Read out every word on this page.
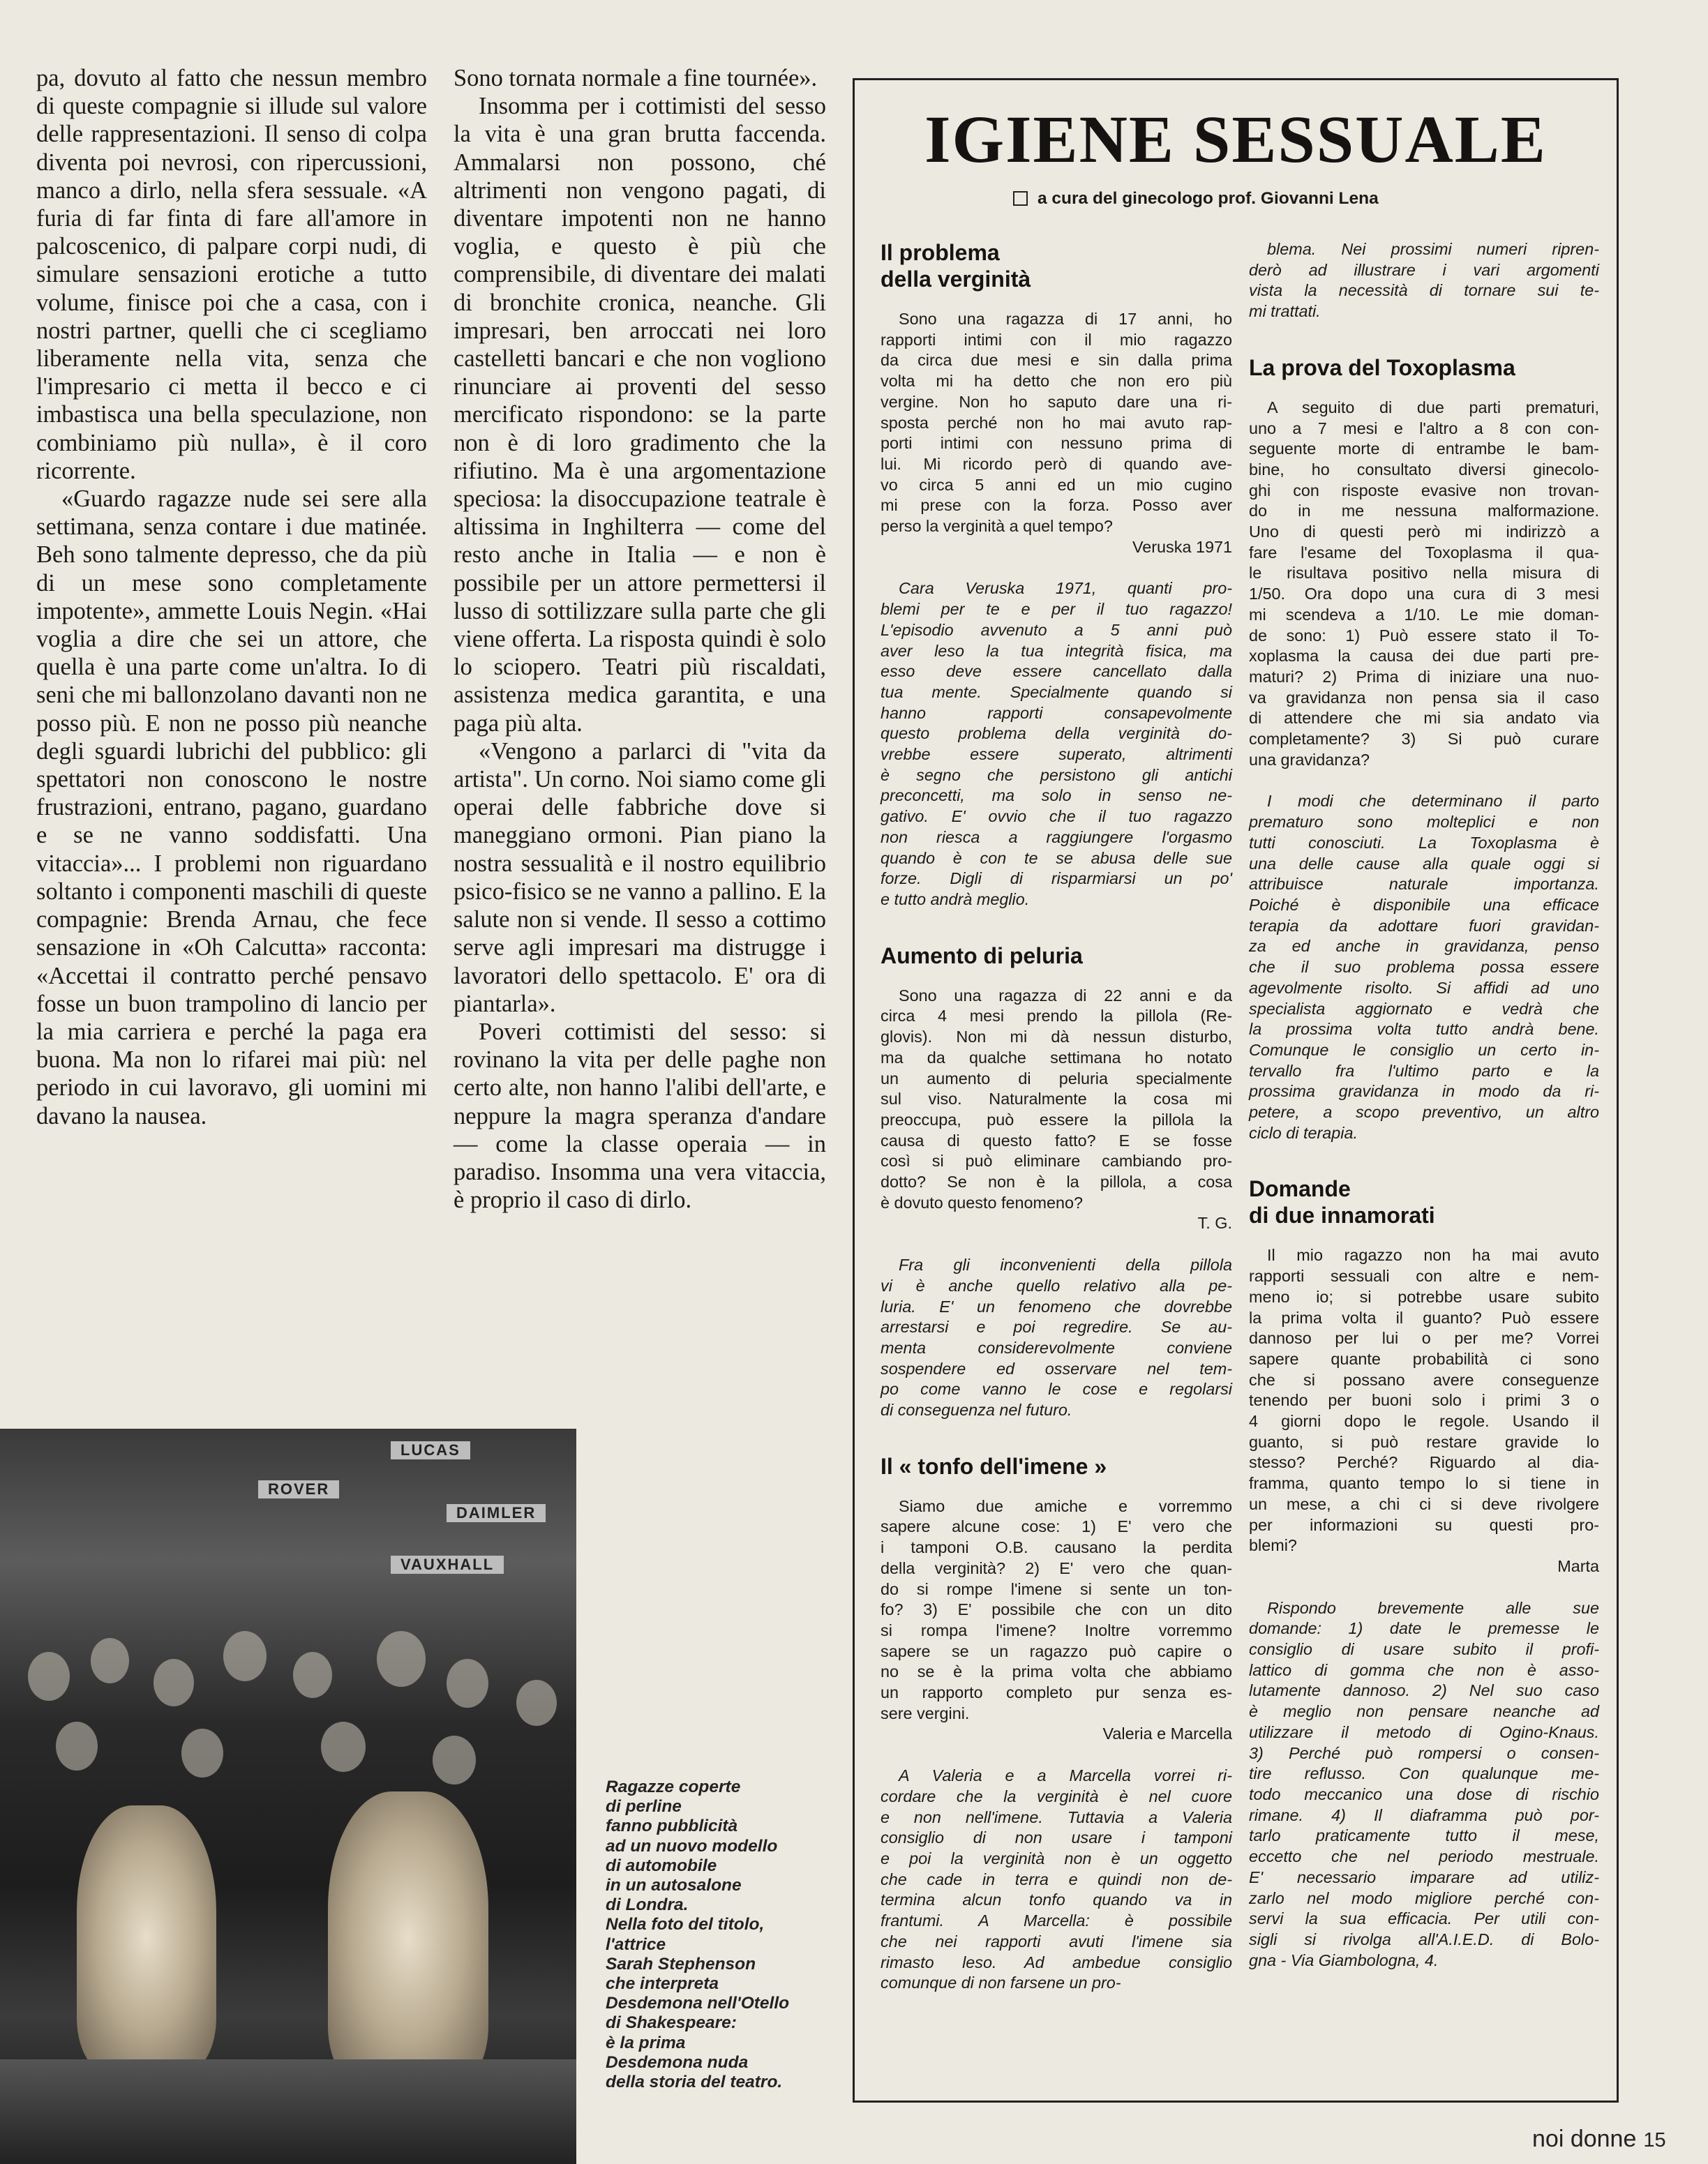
pa, dovuto al fatto che nessun membro di queste compagnie si illude sul valore delle rappresentazioni. Il senso di colpa diventa poi nevrosi, con ripercussioni, manco a dirlo, nella sfera sessuale. «A furia di far finta di fare all'amore in palcoscenico, di palpare corpi nudi, di simulare sensazioni erotiche a tutto volume, finisce poi che a casa, con i nostri partner, quelli che ci scegliamo liberamente nella vita, senza che l'impresario ci metta il becco e ci imbastisca una bella speculazione, non combiniamo più nulla», è il coro ricorrente.

«Guardo ragazze nude sei sere alla settimana, senza contare i due matinée. Beh sono talmente depresso, che da più di un mese sono completamente impotente», ammette Louis Negin. «Hai voglia a dire che sei un attore, che quella è una parte come un'altra. Io di seni che mi ballonzolano davanti non ne posso più. E non ne posso più neanche degli sguardi lubrichi del pubblico: gli spettatori non conoscono le nostre frustrazioni, entrano, pagano, guardano e se ne vanno soddisfatti. Una vitaccia»... I problemi non riguardano soltanto i componenti maschili di queste compagnie: Brenda Arnau, che fece sensazione in «Oh Calcutta» racconta: «Accettai il contratto perché pensavo fosse un buon trampolino di lancio per la mia carriera e perché la paga era buona. Ma non lo rifarei mai più: nel periodo in cui lavoravo, gli uomini mi davano la nausea.

Sono tornata normale a fine tournée».

Insomma per i cottimisti del sesso la vita è una gran brutta faccenda. Ammalarsi non possono, ché altrimenti non vengono pagati, di diventare impotenti non ne hanno voglia, e questo è più che comprensibile, di diventare dei malati di bronchite cronica, neanche. Gli impresari, ben arroccati nei loro castelletti bancari e che non vogliono rinunciare ai proventi del sesso mercificato rispondono: se la parte non è di loro gradimento che la rifiutino. Ma è una argomentazione speciosa: la disoccupazione teatrale è altissima in Inghilterra — come del resto anche in Italia — e non è possibile per un attore permettersi il lusso di sottilizzare sulla parte che gli viene offerta. La risposta quindi è solo lo sciopero. Teatri più riscaldati, assistenza medica garantita, e una paga più alta.

«Vengono a parlarci di "vita da artista". Un corno. Noi siamo come gli operai delle fabbriche dove si maneggiano ormoni. Pian piano la nostra sessualità e il nostro equilibrio psico-fisico se ne vanno a pallino. E la salute non si vende. Il sesso a cottimo serve agli impresari ma distrugge i lavoratori dello spettacolo. E' ora di piantarla».

Poveri cottimisti del sesso: si rovinano la vita per delle paghe non certo alte, non hanno l'alibi dell'arte, e neppure la magra speranza d'andare — come la classe operaia — in paradiso. Insomma una vera vitaccia, è proprio il caso di dirlo.

LUCAS
ROVER
DAIMLER
VAUXHALL
Ragazze coperte
di perline
fanno pubblicità
ad un nuovo modello
di automobile
in un autosalone
di Londra.
Nella foto del titolo,
l'attrice
Sarah Stephenson
che interpreta
Desdemona nell'Otello
di Shakespeare:
è la prima
Desdemona nuda
della storia del teatro.
IGIENE SESSUALE
a cura del ginecologo prof. Giovanni Lena
Il problema
della verginità
Sono una ragazza di 17 anni, ho
rapporti intimi con il mio ragazzo
da circa due mesi e sin dalla prima
volta mi ha detto che non ero più
vergine. Non ho saputo dare una ri-
sposta perché non ho mai avuto rap-
porti intimi con nessuno prima di
lui. Mi ricordo però di quando ave-
vo circa 5 anni ed un mio cugino
mi prese con la forza. Posso aver
perso la verginità a quel tempo?
Veruska 1971
Cara Veruska 1971, quanti pro-
blemi per te e per il tuo ragazzo!
L'episodio avvenuto a 5 anni può
aver leso la tua integrità fisica, ma
esso deve essere cancellato dalla
tua mente. Specialmente quando si
hanno rapporti consapevolmente
questo problema della verginità do-
vrebbe essere superato, altrimenti
è segno che persistono gli antichi
preconcetti, ma solo in senso ne-
gativo. E' ovvio che il tuo ragazzo
non riesca a raggiungere l'orgasmo
quando è con te se abusa delle sue
forze. Digli di risparmiarsi un po'
e tutto andrà meglio.
Aumento di peluria
Sono una ragazza di 22 anni e da
circa 4 mesi prendo la pillola (Re-
glovis). Non mi dà nessun disturbo,
ma da qualche settimana ho notato
un aumento di peluria specialmente
sul viso. Naturalmente la cosa mi
preoccupa, può essere la pillola la
causa di questo fatto? E se fosse
così si può eliminare cambiando pro-
dotto? Se non è la pillola, a cosa
è dovuto questo fenomeno?
T. G.
Fra gli inconvenienti della pillola
vi è anche quello relativo alla pe-
luria. E' un fenomeno che dovrebbe
arrestarsi e poi regredire. Se au-
menta considerevolmente conviene
sospendere ed osservare nel tem-
po come vanno le cose e regolarsi
di conseguenza nel futuro.
Il « tonfo dell'imene »
Siamo due amiche e vorremmo
sapere alcune cose: 1) E' vero che
i tamponi O.B. causano la perdita
della verginità? 2) E' vero che quan-
do si rompe l'imene si sente un ton-
fo? 3) E' possibile che con un dito
si rompa l'imene? Inoltre vorremmo
sapere se un ragazzo può capire o
no se è la prima volta che abbiamo
un rapporto completo pur senza es-
sere vergini.
Valeria e Marcella
A Valeria e a Marcella vorrei ri-
cordare che la verginità è nel cuore
e non nell'imene. Tuttavia a Valeria
consiglio di non usare i tamponi
e poi la verginità non è un oggetto
che cade in terra e quindi non de-
termina alcun tonfo quando va in
frantumi. A Marcella: è possibile
che nei rapporti avuti l'imene sia
rimasto leso. Ad ambedue consiglio
comunque di non farsene un pro-
blema. Nei prossimi numeri ripren-
derò ad illustrare i vari argomenti
vista la necessità di tornare sui te-
mi trattati.
La prova del Toxoplasma
A seguito di due parti prematuri,
uno a 7 mesi e l'altro a 8 con con-
seguente morte di entrambe le bam-
bine, ho consultato diversi ginecolo-
ghi con risposte evasive non trovan-
do in me nessuna malformazione.
Uno di questi però mi indirizzò a
fare l'esame del Toxoplasma il qua-
le risultava positivo nella misura di
1/50. Ora dopo una cura di 3 mesi
mi scendeva a 1/10. Le mie doman-
de sono: 1) Può essere stato il To-
xoplasma la causa dei due parti pre-
maturi? 2) Prima di iniziare una nuo-
va gravidanza non pensa sia il caso
di attendere che mi sia andato via
completamente? 3) Si può curare
una gravidanza?
I modi che determinano il parto
prematuro sono molteplici e non
tutti conosciuti. La Toxoplasma è
una delle cause alla quale oggi si
attribuisce naturale importanza.
Poiché è disponibile una efficace
terapia da adottare fuori gravidan-
za ed anche in gravidanza, penso
che il suo problema possa essere
agevolmente risolto. Si affidi ad uno
specialista aggiornato e vedrà che
la prossima volta tutto andrà bene.
Comunque le consiglio un certo in-
tervallo fra l'ultimo parto e la
prossima gravidanza in modo da ri-
petere, a scopo preventivo, un altro
ciclo di terapia.
Domande
di due innamorati
Il mio ragazzo non ha mai avuto
rapporti sessuali con altre e nem-
meno io; si potrebbe usare subito
la prima volta il guanto? Può essere
dannoso per lui o per me? Vorrei
sapere quante probabilità ci sono
che si possano avere conseguenze
tenendo per buoni solo i primi 3 o
4 giorni dopo le regole. Usando il
guanto, si può restare gravide lo
stesso? Perché? Riguardo al dia-
framma, quanto tempo lo si tiene in
un mese, a chi ci si deve rivolgere
per informazioni su questi pro-
blemi?
Marta
Rispondo brevemente alle sue
domande: 1) date le premesse le
consiglio di usare subito il profi-
lattico di gomma che non è asso-
lutamente dannoso. 2) Nel suo caso
è meglio non pensare neanche ad
utilizzare il metodo di Ogino-Knaus.
3) Perché può rompersi o consen-
tire reflusso. Con qualunque me-
todo meccanico una dose di rischio
rimane. 4) Il diaframma può por-
tarlo praticamente tutto il mese,
eccetto che nel periodo mestruale.
E' necessario imparare ad utiliz-
zarlo nel modo migliore perché con-
servi la sua efficacia. Per utili con-
sigli si rivolga all'A.I.E.D. di Bolo-
gna - Via Giambologna, 4.
noi donne 15
